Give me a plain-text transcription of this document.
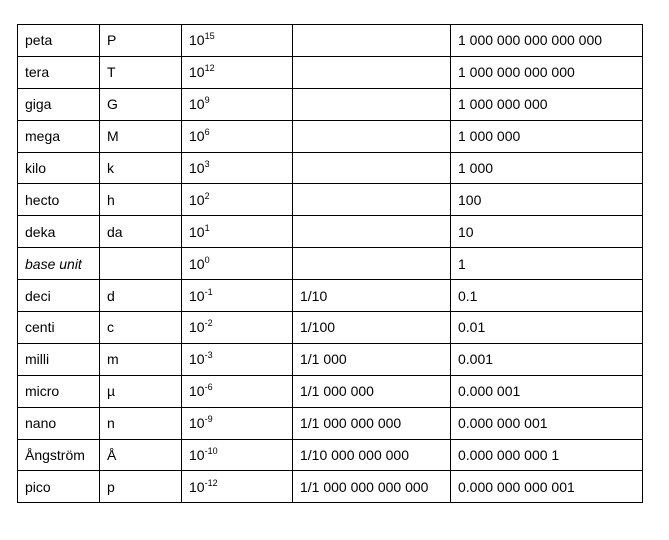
peta	P	$10^{15}$		1 000 000 000 000 000
tera	T	$10^{12}$		1 000 000 000 000
giga	G	$10^9$		1 000 000 000
mega	M	$10^6$		1 000 000
kilo	k	$10^3$		1 000
hecto	h	$10^2$		100
deka	da	$10^1$		10
base unit		$10^0$		1
deci	d	$10^{-1}$	1/10	0.1
centi	c	$10^{-2}$	1/100	0.01
milli	m	$10^{-3}$	1/1 000	0.001
micro	µ	$10^{-6}$	1/1 000 000	0.000 001
nano	n	$10^{-9}$	1/1 000 000 000	0.000 000 001
Ångström	Å	$10^{-10}$	1/10 000 000 000	0.000 000 000 1
pico	p	$10^{-12}$	1/1 000 000 000 000	0.000 000 000 001
